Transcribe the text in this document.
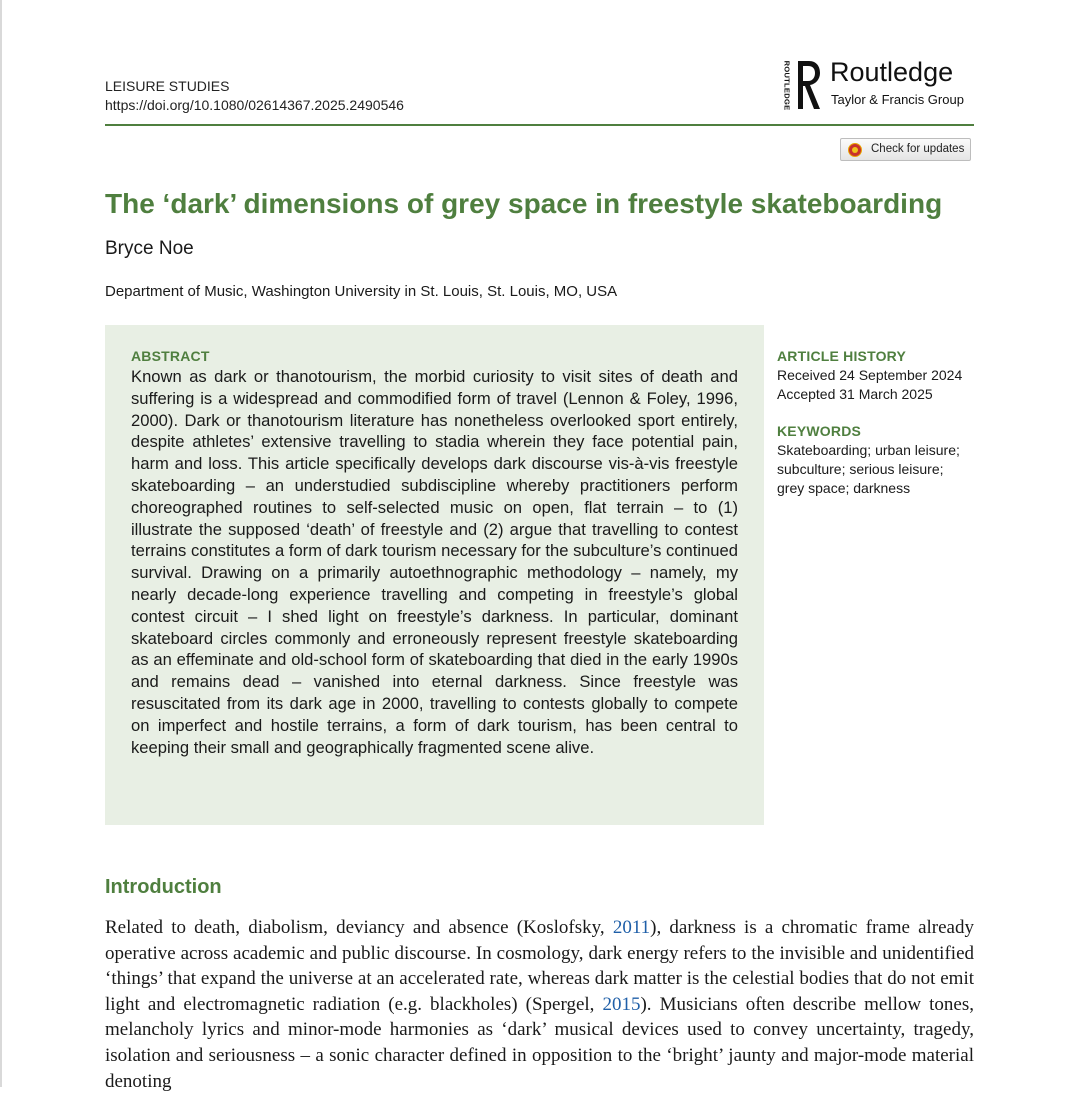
LEISURE STUDIES
https://doi.org/10.1080/02614367.2025.2490546	ROUTLEDGE Routledge
Taylor & Francis Group
Check for updates
The ‘dark’ dimensions of grey space in freestyle skateboarding
Bryce Noe
Department of Music, Washington University in St. Louis, St. Louis, MO, USA
ABSTRACT

Known as dark or thanotourism, the morbid curiosity to visit sites of death and suffering is a widespread and commodified form of travel (Lennon & Foley, 1996, 2000). Dark or thanotourism literature has nonetheless overlooked sport entirely, despite athletes’ extensive travelling to stadia wherein they face potential pain, harm and loss. This article specifically develops dark discourse vis-à-vis freestyle skateboarding – an understudied subdiscipline whereby practitioners perform choreographed routines to self-selected music on open, flat terrain – to (1) illustrate the supposed ‘death’ of freestyle and (2) argue that travelling to contest terrains constitutes a form of dark tourism necessary for the subculture’s continued survival. Drawing on a primarily autoethnographic methodology – namely, my nearly decade-long experience travelling and competing in freestyle’s global contest circuit – I shed light on freestyle’s darkness. In particular, dominant skateboard circles commonly and erroneously represent freestyle skateboarding as an effeminate and old-school form of skateboarding that died in the early 1990s and remains dead – vanished into eternal darkness. Since freestyle was resuscitated from its dark age in 2000, travelling to contests globally to compete on imperfect and hostile terrains, a form of dark tourism, has been central to keeping their small and geographically fragmented scene alive.

ARTICLE HISTORY
Received 24 September 2024
Accepted 31 March 2025
KEYWORDS
Skateboarding; urban leisure;
subculture; serious leisure;
grey space; darkness
Introduction

Related to death, diabolism, deviancy and absence (Koslofsky, 2011), darkness is a chromatic frame already operative across academic and public discourse. In cosmology, dark energy refers to the invisible and unidentified ‘things’ that expand the universe at an accelerated rate, whereas dark matter is the celestial bodies that do not emit light and electromagnetic radiation (e.g. blackholes) (Spergel, 2015). Musicians often describe mellow tones, melancholy lyrics and minor-mode harmonies as ‘dark’ musical devices used to convey uncertainty, tragedy, isolation and seriousness – a sonic character defined in opposition to the ‘bright’ jaunty and major-mode material denoting
